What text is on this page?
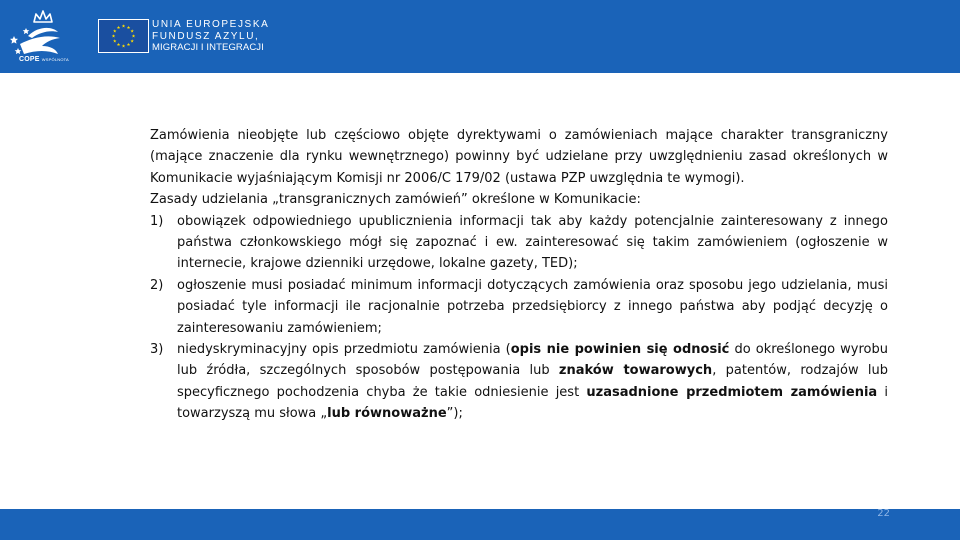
COPE WSPÓLNOTA
★ ★
★
★
★
★
★
★
★
★
★
★	UNIA EUROPEJSKA
FUNDUSZ AZYLU,
MIGRACJI I INTEGRACJI

Zamówienia nieobjęte lub częściowo objęte dyrektywami o zamówieniach mające charakter transgraniczny (mające znaczenie dla rynku wewnętrznego) powinny być udzielane przy uwzględnieniu zasad określonych w Komunikacie wyjaśniającym Komisji nr 2006/C 179/02 (ustawa PZP uwzględnia te wymogi).

Zasady udzielania „transgranicznych zamówień” określone w Komunikacie:

1) obowiązek odpowiedniego upublicznienia informacji tak aby każdy potencjalnie zainteresowany z innego państwa członkowskiego mógł się zapoznać i ew. zainteresować się takim zamówieniem (ogłoszenie w internecie, krajowe dzienniki urzędowe, lokalne gazety, TED);
2) ogłoszenie musi posiadać minimum informacji dotyczących zamówienia oraz sposobu jego udzielania, musi posiadać tyle informacji ile racjonalnie potrzeba przedsiębiorcy z innego państwa aby podjąć decyzję o zainteresowaniu zamówieniem;
3) niedyskryminacyjny opis przedmiotu zamówienia (opis nie powinien się odnosić do określonego wyrobu lub źródła, szczególnych sposobów postępowania lub znaków towarowych, patentów, rodzajów lub specyficznego pochodzenia chyba że takie odniesienie jest uzasadnione przedmiotem zamówienia i towarzyszą mu słowa „lub równoważne”);
22
